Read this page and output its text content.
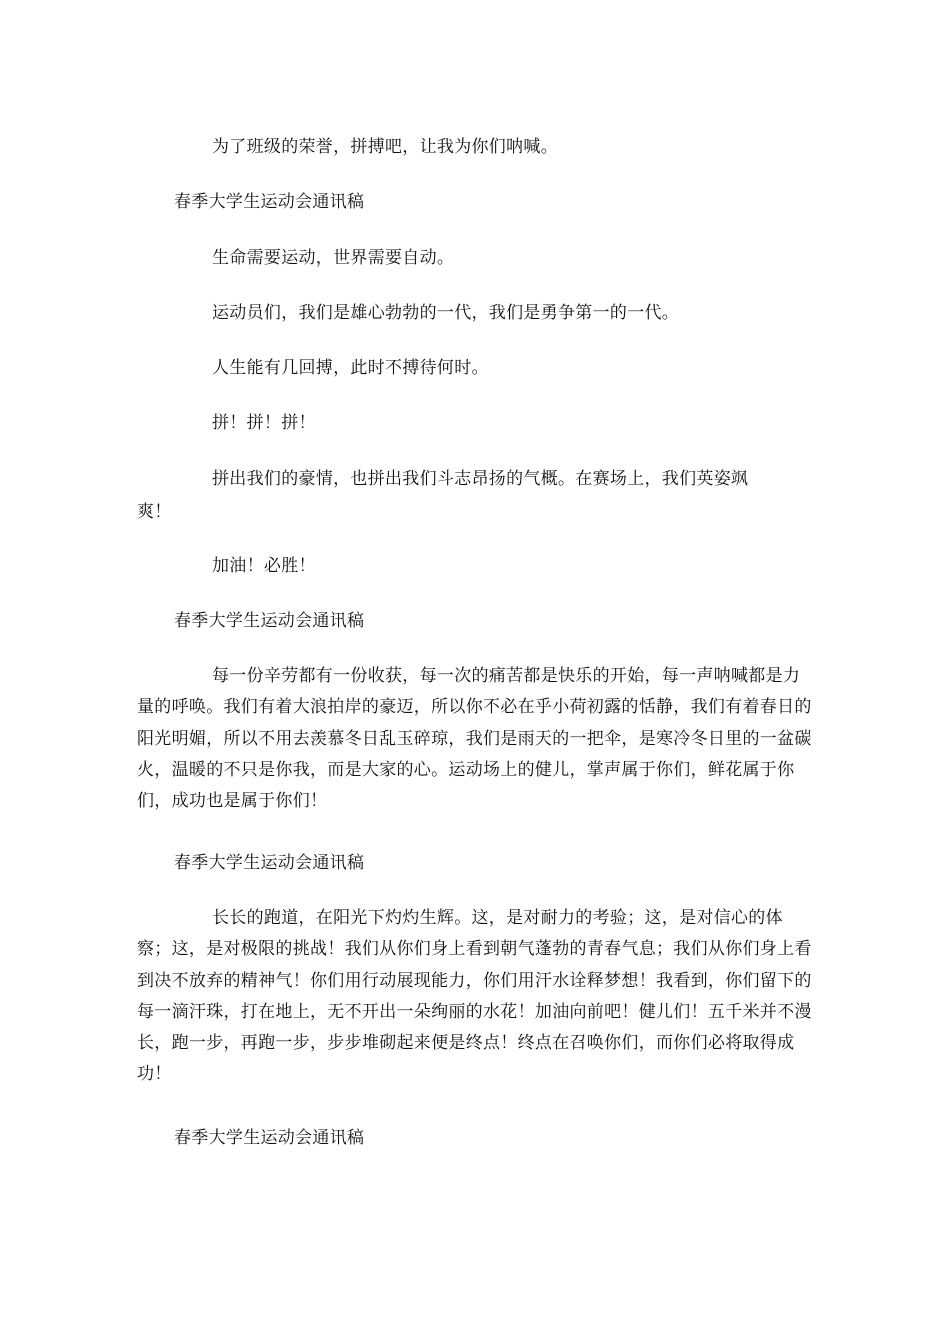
为了班级的荣誉，拼搏吧，让我为你们呐喊。

春季大学生运动会通讯稿

生命需要运动，世界需要自动。

运动员们，我们是雄心勃勃的一代，我们是勇争第一的一代。

人生能有几回搏，此时不搏待何时。

拼！拼！拼！

拼出我们的豪情，也拼出我们斗志昂扬的气概。在赛场上，我们英姿飒

爽！

加油！必胜！

春季大学生运动会通讯稿

每一份辛劳都有一份收获，每一次的痛苦都是快乐的开始，每一声呐喊都是力量的呼唤。我们有着大浪拍岸的豪迈，所以你不必在乎小荷初露的恬静，我们有着春日的阳光明媚，所以不用去羡慕冬日乱玉碎琼，我们是雨天的一把伞，是寒冷冬日里的一盆碳火，温暖的不只是你我，而是大家的心。运动场上的健儿，掌声属于你们，鲜花属于你们，成功也是属于你们！

春季大学生运动会通讯稿

长长的跑道，在阳光下灼灼生辉。这，是对耐力的考验；这，是对信心的体察；这，是对极限的挑战！我们从你们身上看到朝气蓬勃的青春气息；我们从你们身上看到决不放弃的精神气！你们用行动展现能力，你们用汗水诠释梦想！我看到，你们留下的每一滴汗珠，打在地上，无不开出一朵绚丽的水花！加油向前吧！健儿们！五千米并不漫长，跑一步，再跑一步，步步堆砌起来便是终点！终点在召唤你们，而你们必将取得成功！

春季大学生运动会通讯稿
